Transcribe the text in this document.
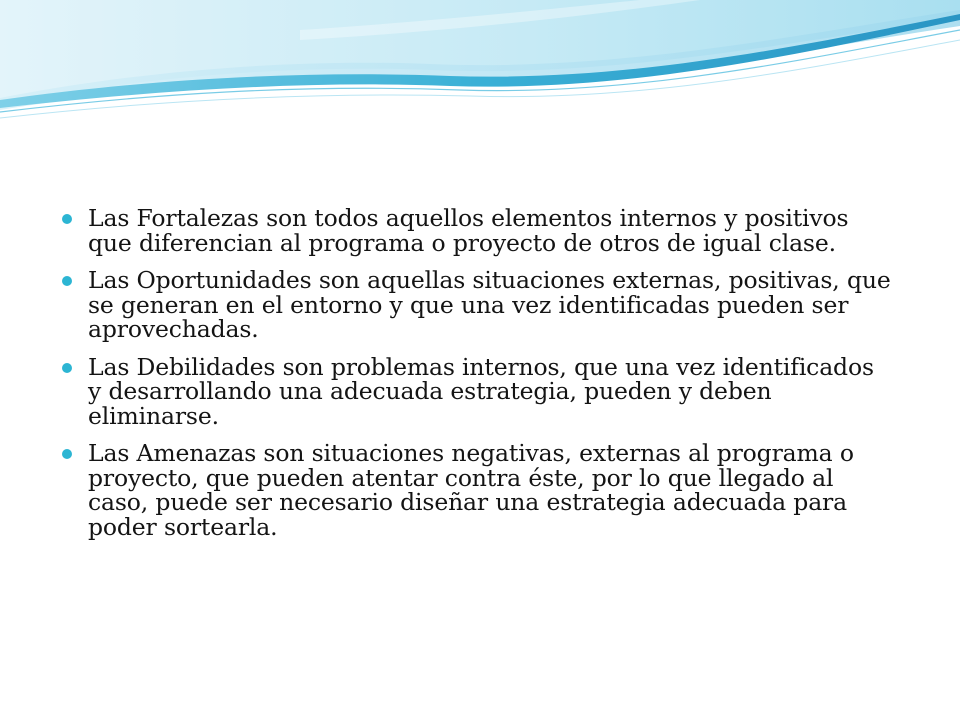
Las Fortalezas son todos aquellos elementos internos y positivos que diferencian al programa o proyecto de otros de igual clase.
Las Oportunidades son aquellas situaciones externas, positivas, que se generan en el entorno y que una vez identificadas pueden ser aprovechadas.
Las Debilidades son problemas internos, que una vez identificados y desarrollando una adecuada estrategia, pueden y deben eliminarse.
Las Amenazas son situaciones negativas, externas al programa o proyecto, que pueden atentar contra éste, por lo que llegado al caso, puede ser necesario diseñar una estrategia adecuada para poder sortearla.
